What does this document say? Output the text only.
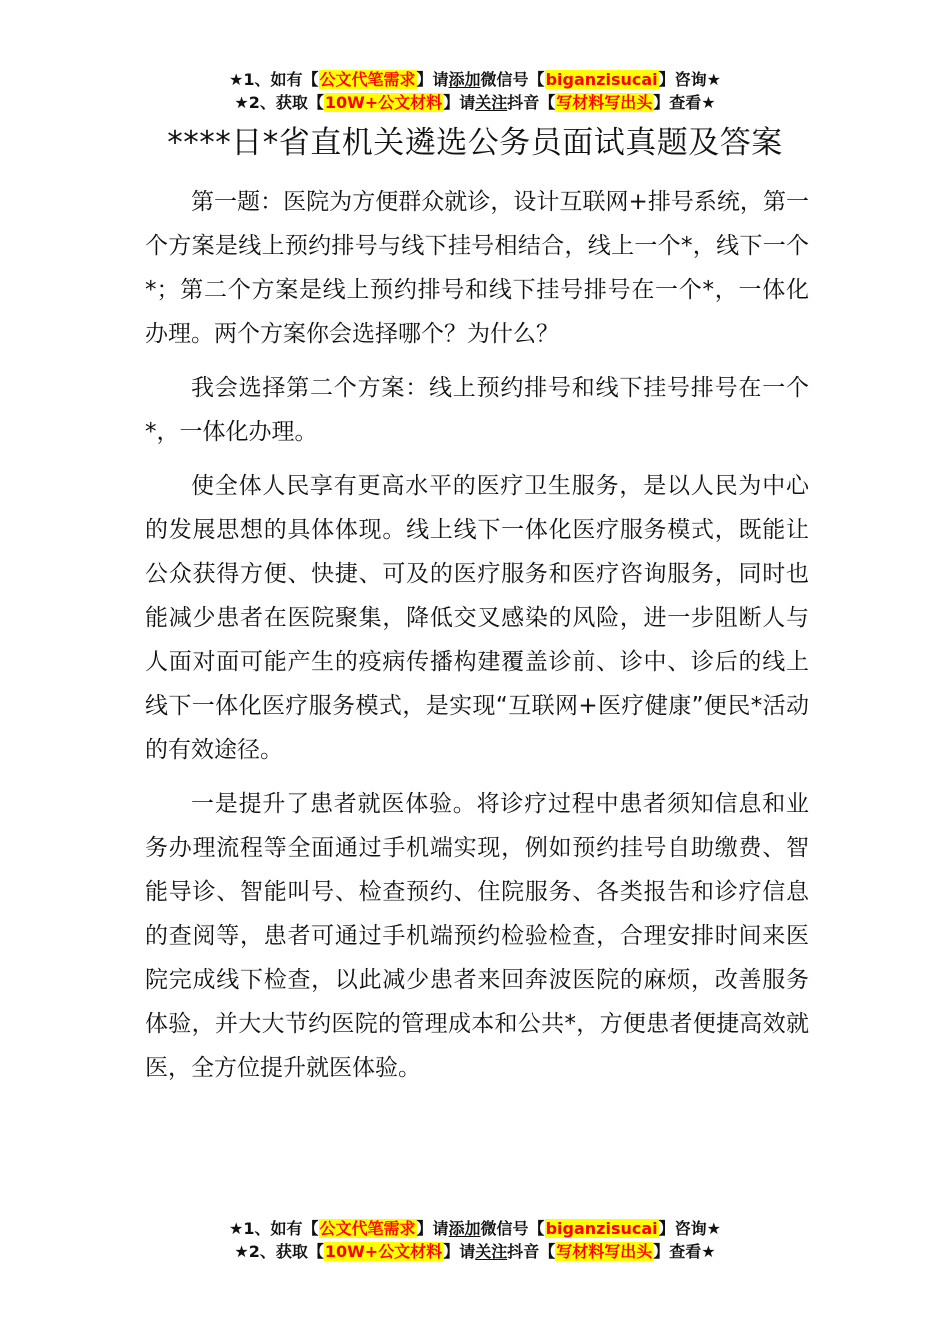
★1、如有【公文代笔需求】请添加微信号【biganzisucai】咨询★
★2、获取【10W+公文材料】请关注抖音【写材料写出头】查看★
****日*省直机关遴选公务员面试真题及答案

第一题：医院为方便群众就诊，设计互联网+排号系统，第一个方案是线上预约排号与线下挂号相结合，线上一个*，线下一个*；第二个方案是线上预约排号和线下挂号排号在一个*，一体化办理。两个方案你会选择哪个？为什么？

我会选择第二个方案：线上预约排号和线下挂号排号在一个*，一体化办理。

使全体人民享有更高水平的医疗卫生服务，是以人民为中心的发展思想的具体体现。线上线下一体化医疗服务模式，既能让公众获得方便、快捷、可及的医疗服务和医疗咨询服务，同时也能减少患者在医院聚集，降低交叉感染的风险，进一步阻断人与人面对面可能产生的疫病传播构建覆盖诊前、诊中、诊后的线上线下一体化医疗服务模式，是实现“互联网+医疗健康”便民*活动的有效途径。

一是提升了患者就医体验。将诊疗过程中患者须知信息和业务办理流程等全面通过手机端实现，例如预约挂号自助缴费、智能导诊、智能叫号、检查预约、住院服务、各类报告和诊疗信息的查阅等，患者可通过手机端预约检验检查，合理安排时间来医院完成线下检查，以此减少患者来回奔波医院的麻烦，改善服务体验，并大大节约医院的管理成本和公共*，方便患者便捷高效就医，全方位提升就医体验。

★1、如有【公文代笔需求】请添加微信号【biganzisucai】咨询★
★2、获取【10W+公文材料】请关注抖音【写材料写出头】查看★
